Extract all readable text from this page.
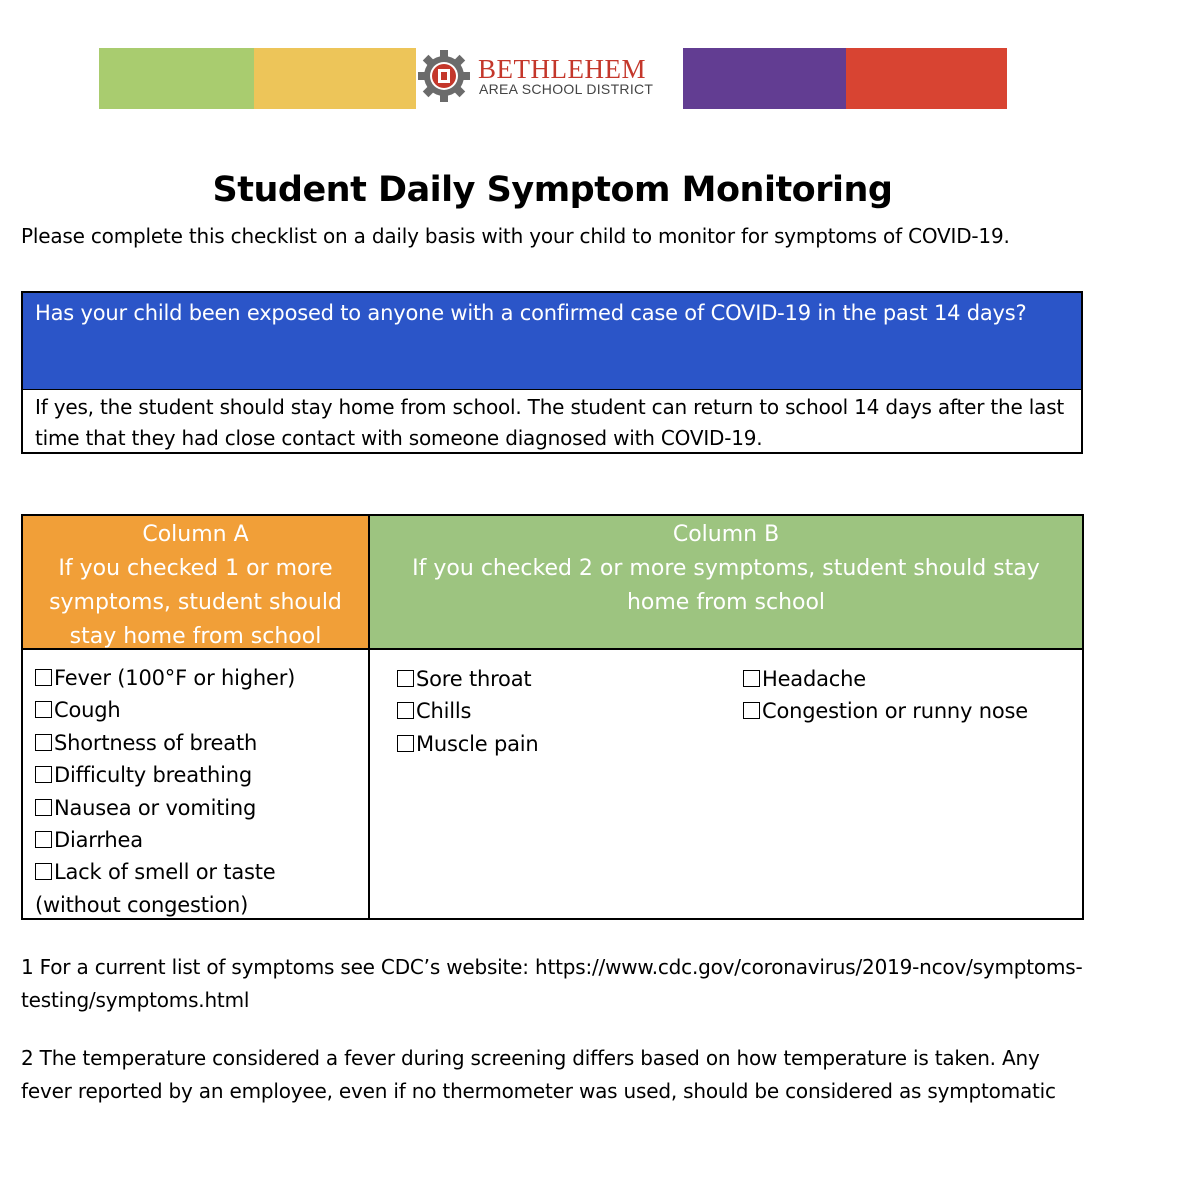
BETHLEHEM
AREA SCHOOL DISTRICT
Student Daily Symptom Monitoring
Please complete this checklist on a daily basis with your child to monitor for symptoms of COVID-19.
Has your child been exposed to anyone with a confirmed case of COVID-19 in the past 14 days?
If yes, the student should stay home from school. The student can return to school 14 days after the last time that they had close contact with someone diagnosed with COVID-19.
Column A
If you checked 1 or more symptoms, student should stay home from school
Column B
If you checked 2 or more symptoms, student should stay home from school
Fever (100°F or higher)
Cough
Shortness of breath
Difficulty breathing
Nausea or vomiting
Diarrhea
Lack of smell or taste
(without congestion)
Sore throat
Chills
Muscle pain
Headache
Congestion or runny nose
1 For a current list of symptoms see CDC’s website: https://www.cdc.gov/coronavirus/2019-ncov/symptoms-testing/symptoms.html
2 The temperature considered a fever during screening differs based on how temperature is taken. Any fever reported by an employee, even if no thermometer was used, should be considered as symptomatic
